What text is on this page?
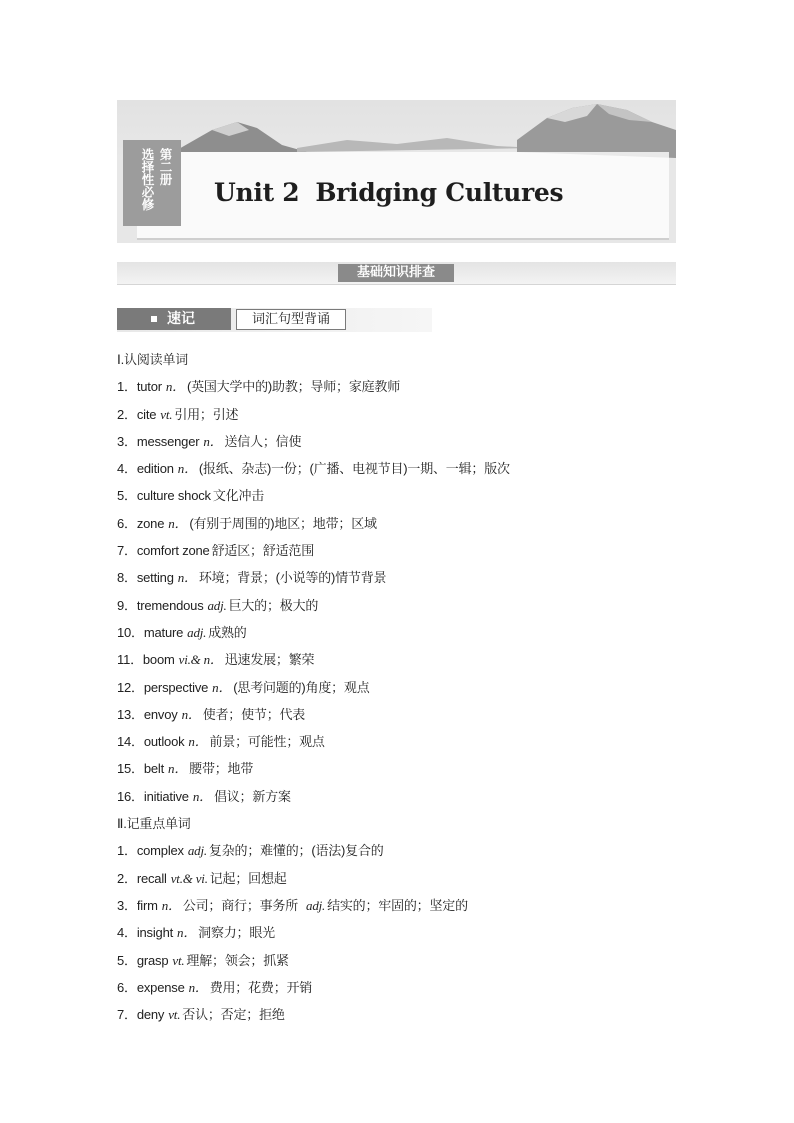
第二册
选择性必修 Unit 2 Bridging Cultures
基础知识排查
速记	词汇句型背诵
Ⅰ.认阅读单词
1．tutor n． (英国大学中的)助教；导师；家庭教师
2．cite vt. 引用；引述
3．messenger n． 送信人；信使
4．edition n． (报纸、杂志)一份；(广播、电视节目)一期、一辑；版次
5．culture shock 文化冲击
6．zone n． (有别于周围的)地区；地带；区域
7．comfort zone 舒适区；舒适范围
8．setting n． 环境；背景；(小说等的)情节背景
9．tremendous adj. 巨大的；极大的
10．mature adj. 成熟的
11．boom vi.& n． 迅速发展；繁荣
12．perspective n． (思考问题的)角度；观点
13．envoy n． 使者；使节；代表
14．outlook n． 前景；可能性；观点
15．belt n． 腰带；地带
16．initiative n． 倡议；新方案
Ⅱ.记重点单词
1．complex adj. 复杂的；难懂的；(语法)复合的
2．recall vt.& vi. 记起；回想起
3．firm n． 公司；商行；事务所 adj. 结实的；牢固的；坚定的
4．insight n． 洞察力；眼光
5．grasp vt. 理解；领会；抓紧
6．expense n． 费用；花费；开销
7．deny vt. 否认；否定；拒绝
